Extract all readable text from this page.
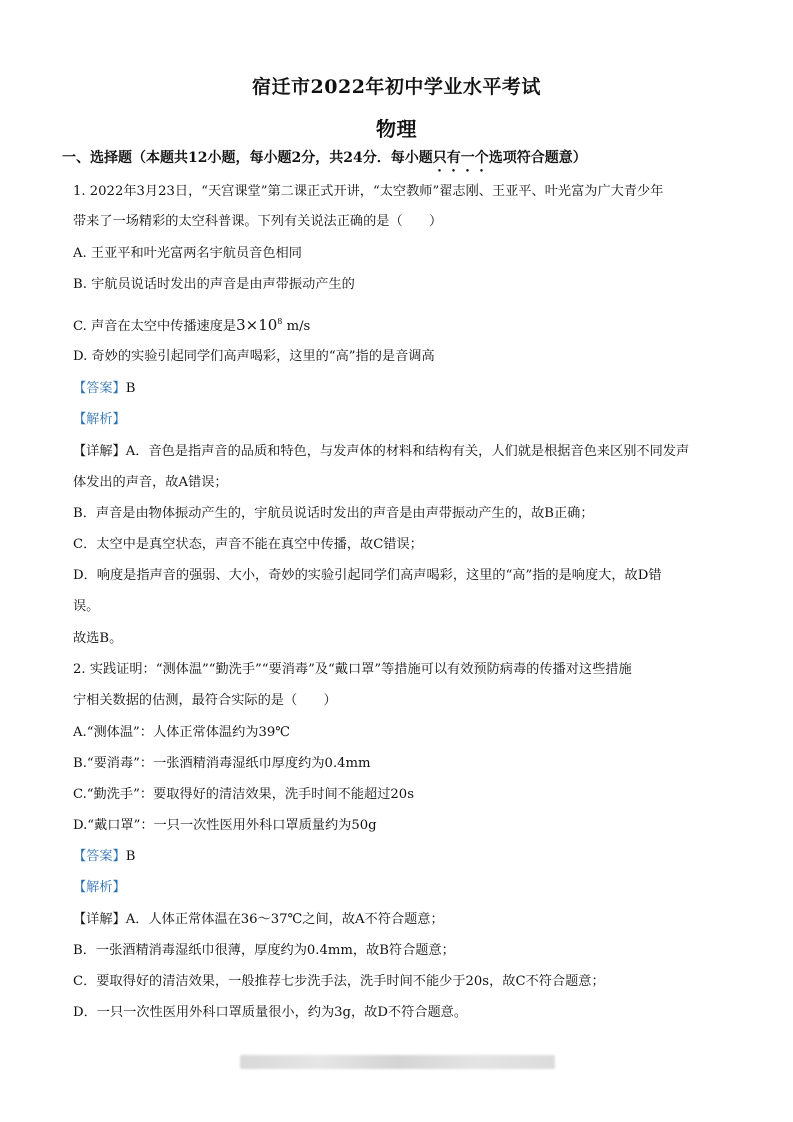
宿迁市2022年初中学业水平考试
物理
一、选择题（本题共12小题，每小题2分，共24分．每小题只有一个选项符合题意）
1. 2022年3月23日，“天宫课堂”第二课正式开讲，“太空教师”翟志刚、王亚平、叶光富为广大青少年
带来了一场精彩的太空科普课。下列有关说法正确的是（　　）
A. 王亚平和叶光富两名宇航员音色相同
B. 宇航员说话时发出的声音是由声带振动产生的
C. 声音在太空中传播速度是$3\times 10^8$ m/s
D. 奇妙的实验引起同学们高声喝彩，这里的“高”指的是音调高
【答案】B
【解析】
【详解】A．音色是指声音的品质和特色，与发声体的材料和结构有关，人们就是根据音色来区别不同发声
体发出的声音，故A错误；
B．声音是由物体振动产生的，宇航员说话时发出的声音是由声带振动产生的，故B正确；
C．太空中是真空状态，声音不能在真空中传播，故C错误；
D．响度是指声音的强弱、大小，奇妙的实验引起同学们高声喝彩，这里的“高”指的是响度大，故D错
误。
故选B。
2. 实践证明：“测体温”“勤洗手”“要消毒”及“戴口罩”等措施可以有效预防病毒的传播对这些措施
宁相关数据的估测，最符合实际的是（　　）
A.“测体温”：人体正常体温约为39℃
B.“要消毒”：一张酒精消毒湿纸巾厚度约为0.4mm
C.“勤洗手”：要取得好的清洁效果，洗手时间不能超过20s
D.“戴口罩”：一只一次性医用外科口罩质量约为50g
【答案】B
【解析】
【详解】A．人体正常体温在36～37℃之间，故A不符合题意；
B．一张酒精消毒湿纸巾很薄，厚度约为0.4mm，故B符合题意；
C．要取得好的清洁效果，一般推荐七步洗手法，洗手时间不能少于20s，故C不符合题意；
D．一只一次性医用外科口罩质量很小，约为3g，故D不符合题意。
